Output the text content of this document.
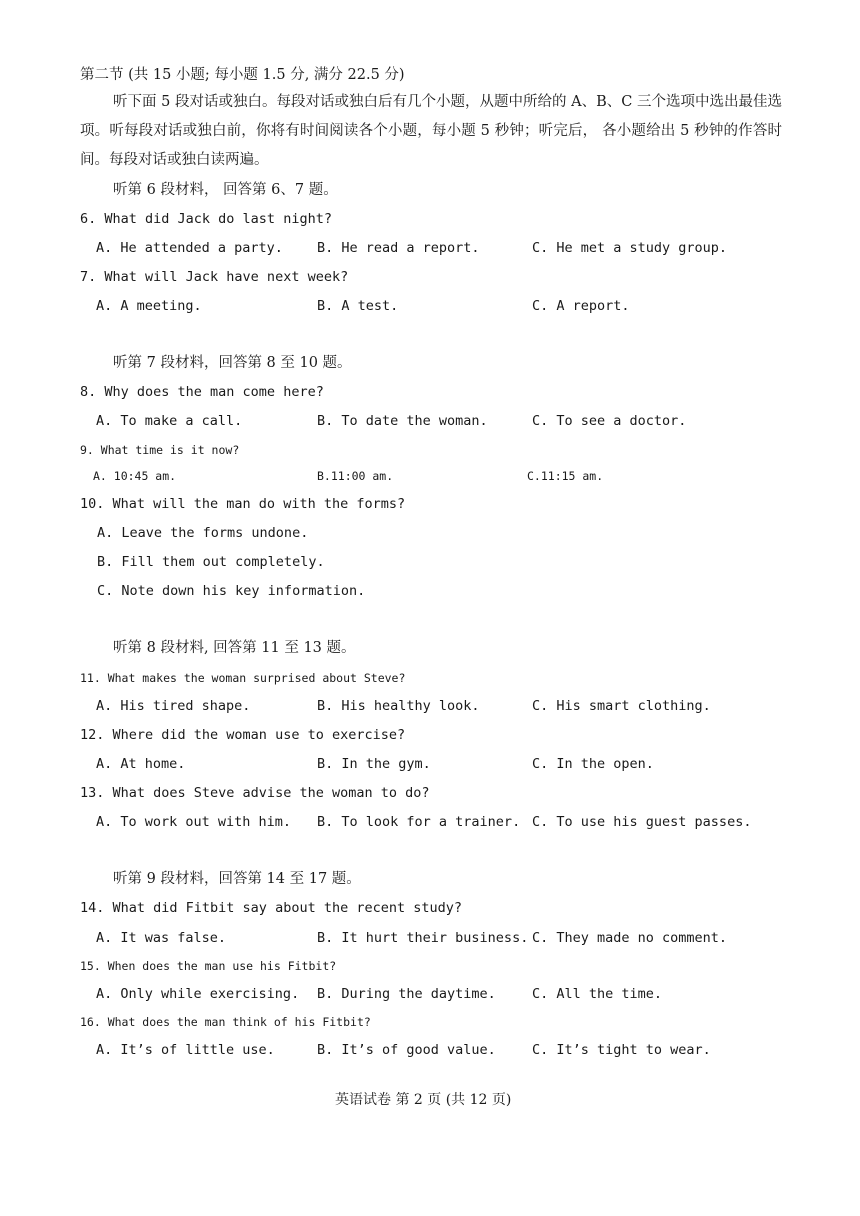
第二节 (共 15 小题; 每小题 1.5 分, 满分 22.5 分)
听下面 5 段对话或独白。每段对话或独白后有几个小题，从题中所给的 A、B、C 三个选项中选出最佳选项。听每段对话或独白前，你将有时间阅读各个小题，每小题 5 秒钟；听完后， 各小题给出 5 秒钟的作答时间。每段对话或独白读两遍。
听第 6 段材料， 回答第 6、7 题。
6. What did Jack do last night?
A. He attended a party.	B. He read a report.	C. He met a study group.
7. What will Jack have next week?
A. A meeting.	B. A test.	C. A report.
听第 7 段材料，回答第 8 至 10 题。
8. Why does the man come here?
A. To make a call.	B. To date the woman.	C. To see a doctor.
9. What time is it now?
A. 10:45 am.	B.11:00 am.	C.11:15 am.
10. What will the man do with the forms?
A. Leave the forms undone.
B. Fill them out completely.
C. Note down his key information.
听第 8 段材料, 回答第 11 至 13 题。
11. What makes the woman surprised about Steve?
A. His tired shape.	B. His healthy look.	C. His smart clothing.
12. Where did the woman use to exercise?
A. At home.	B. In the gym.	C. In the open.
13. What does Steve advise the woman to do?
A. To work out with him. B. To look for a trainer. C. To use his guest passes.
听第 9 段材料，回答第 14 至 17 题。
14. What did Fitbit say about the recent study?
A. It was false.	B. It hurt their business. C. They made no comment.
15. When does the man use his Fitbit?
A. Only while exercising. B. During the daytime.	C. All the time.
16. What does the man think of his Fitbit?
A. It’s of little use.	B. It’s of good value.	C. It’s tight to wear.
英语试卷 第 2 页 (共 12 页)
